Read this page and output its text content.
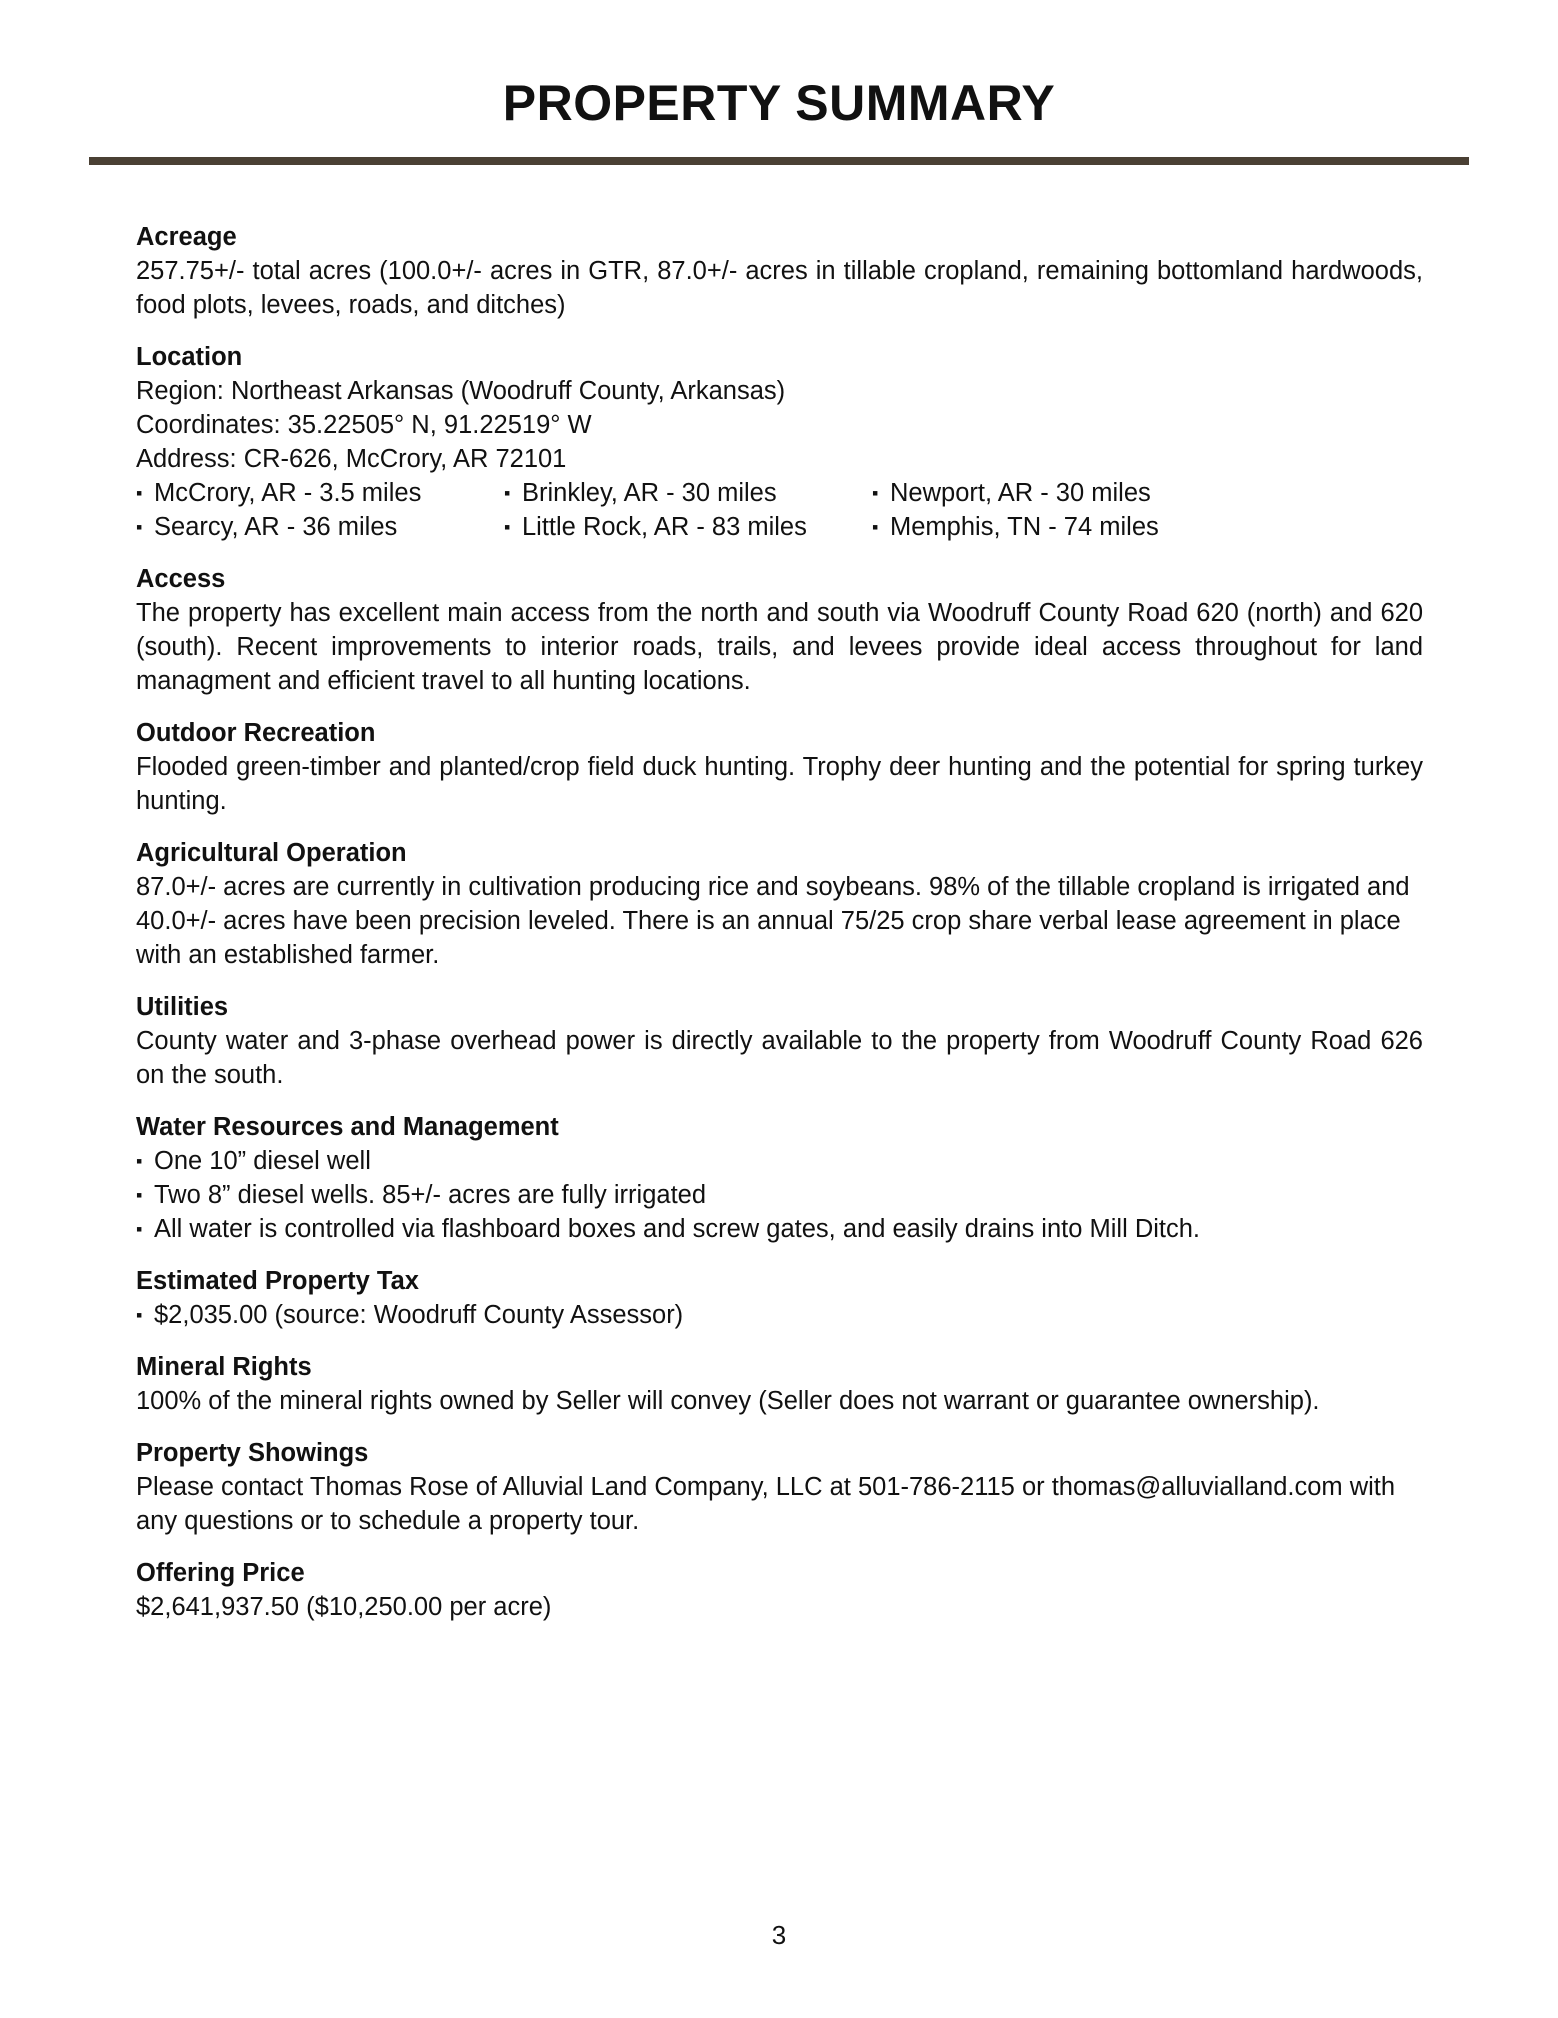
PROPERTY SUMMARY

Acreage

257.75+/- total acres (100.0+/- acres in GTR, 87.0+/- acres in tillable cropland, remaining bottomland hardwoods, food plots, levees, roads, and ditches)

Location

Region: Northeast Arkansas (Woodruff County, Arkansas)

Coordinates: 35.22505° N, 91.22519° W

Address: CR-626, McCrory, AR 72101

▪ McCrory, AR - 3.5 miles	▪ Brinkley, AR - 30 miles	▪ Newport, AR - 30 miles
▪ Searcy, AR - 36 miles	▪ Little Rock, AR - 83 miles	▪ Memphis, TN - 74 miles

Access

The property has excellent main access from the north and south via Woodruff County Road 620 (north) and 620 (south). Recent improvements to interior roads, trails, and levees provide ideal access throughout for land managment and efficient travel to all hunting locations.

Outdoor Recreation

Flooded green-timber and planted/crop field duck hunting. Trophy deer hunting and the potential for spring turkey hunting.

Agricultural Operation

87.0+/- acres are currently in cultivation producing rice and soybeans. 98% of the tillable cropland is irrigated and 40.0+/- acres have been precision leveled. There is an annual 75/25 crop share verbal lease agreement in place with an established farmer.

Utilities

County water and 3-phase overhead power is directly available to the property from Woodruff County Road 626 on the south.

Water Resources and Management

▪ One 10” diesel well

▪ Two 8” diesel wells. 85+/- acres are fully irrigated

▪ All water is controlled via flashboard boxes and screw gates, and easily drains into Mill Ditch.

Estimated Property Tax

▪ $2,035.00 (source: Woodruff County Assessor)

Mineral Rights

100% of the mineral rights owned by Seller will convey (Seller does not warrant or guarantee ownership).

Property Showings

Please contact Thomas Rose of Alluvial Land Company, LLC at 501-786-2115 or thomas@alluvialland.com with any questions or to schedule a property tour.

Offering Price

$2,641,937.50 ($10,250.00 per acre)

3
